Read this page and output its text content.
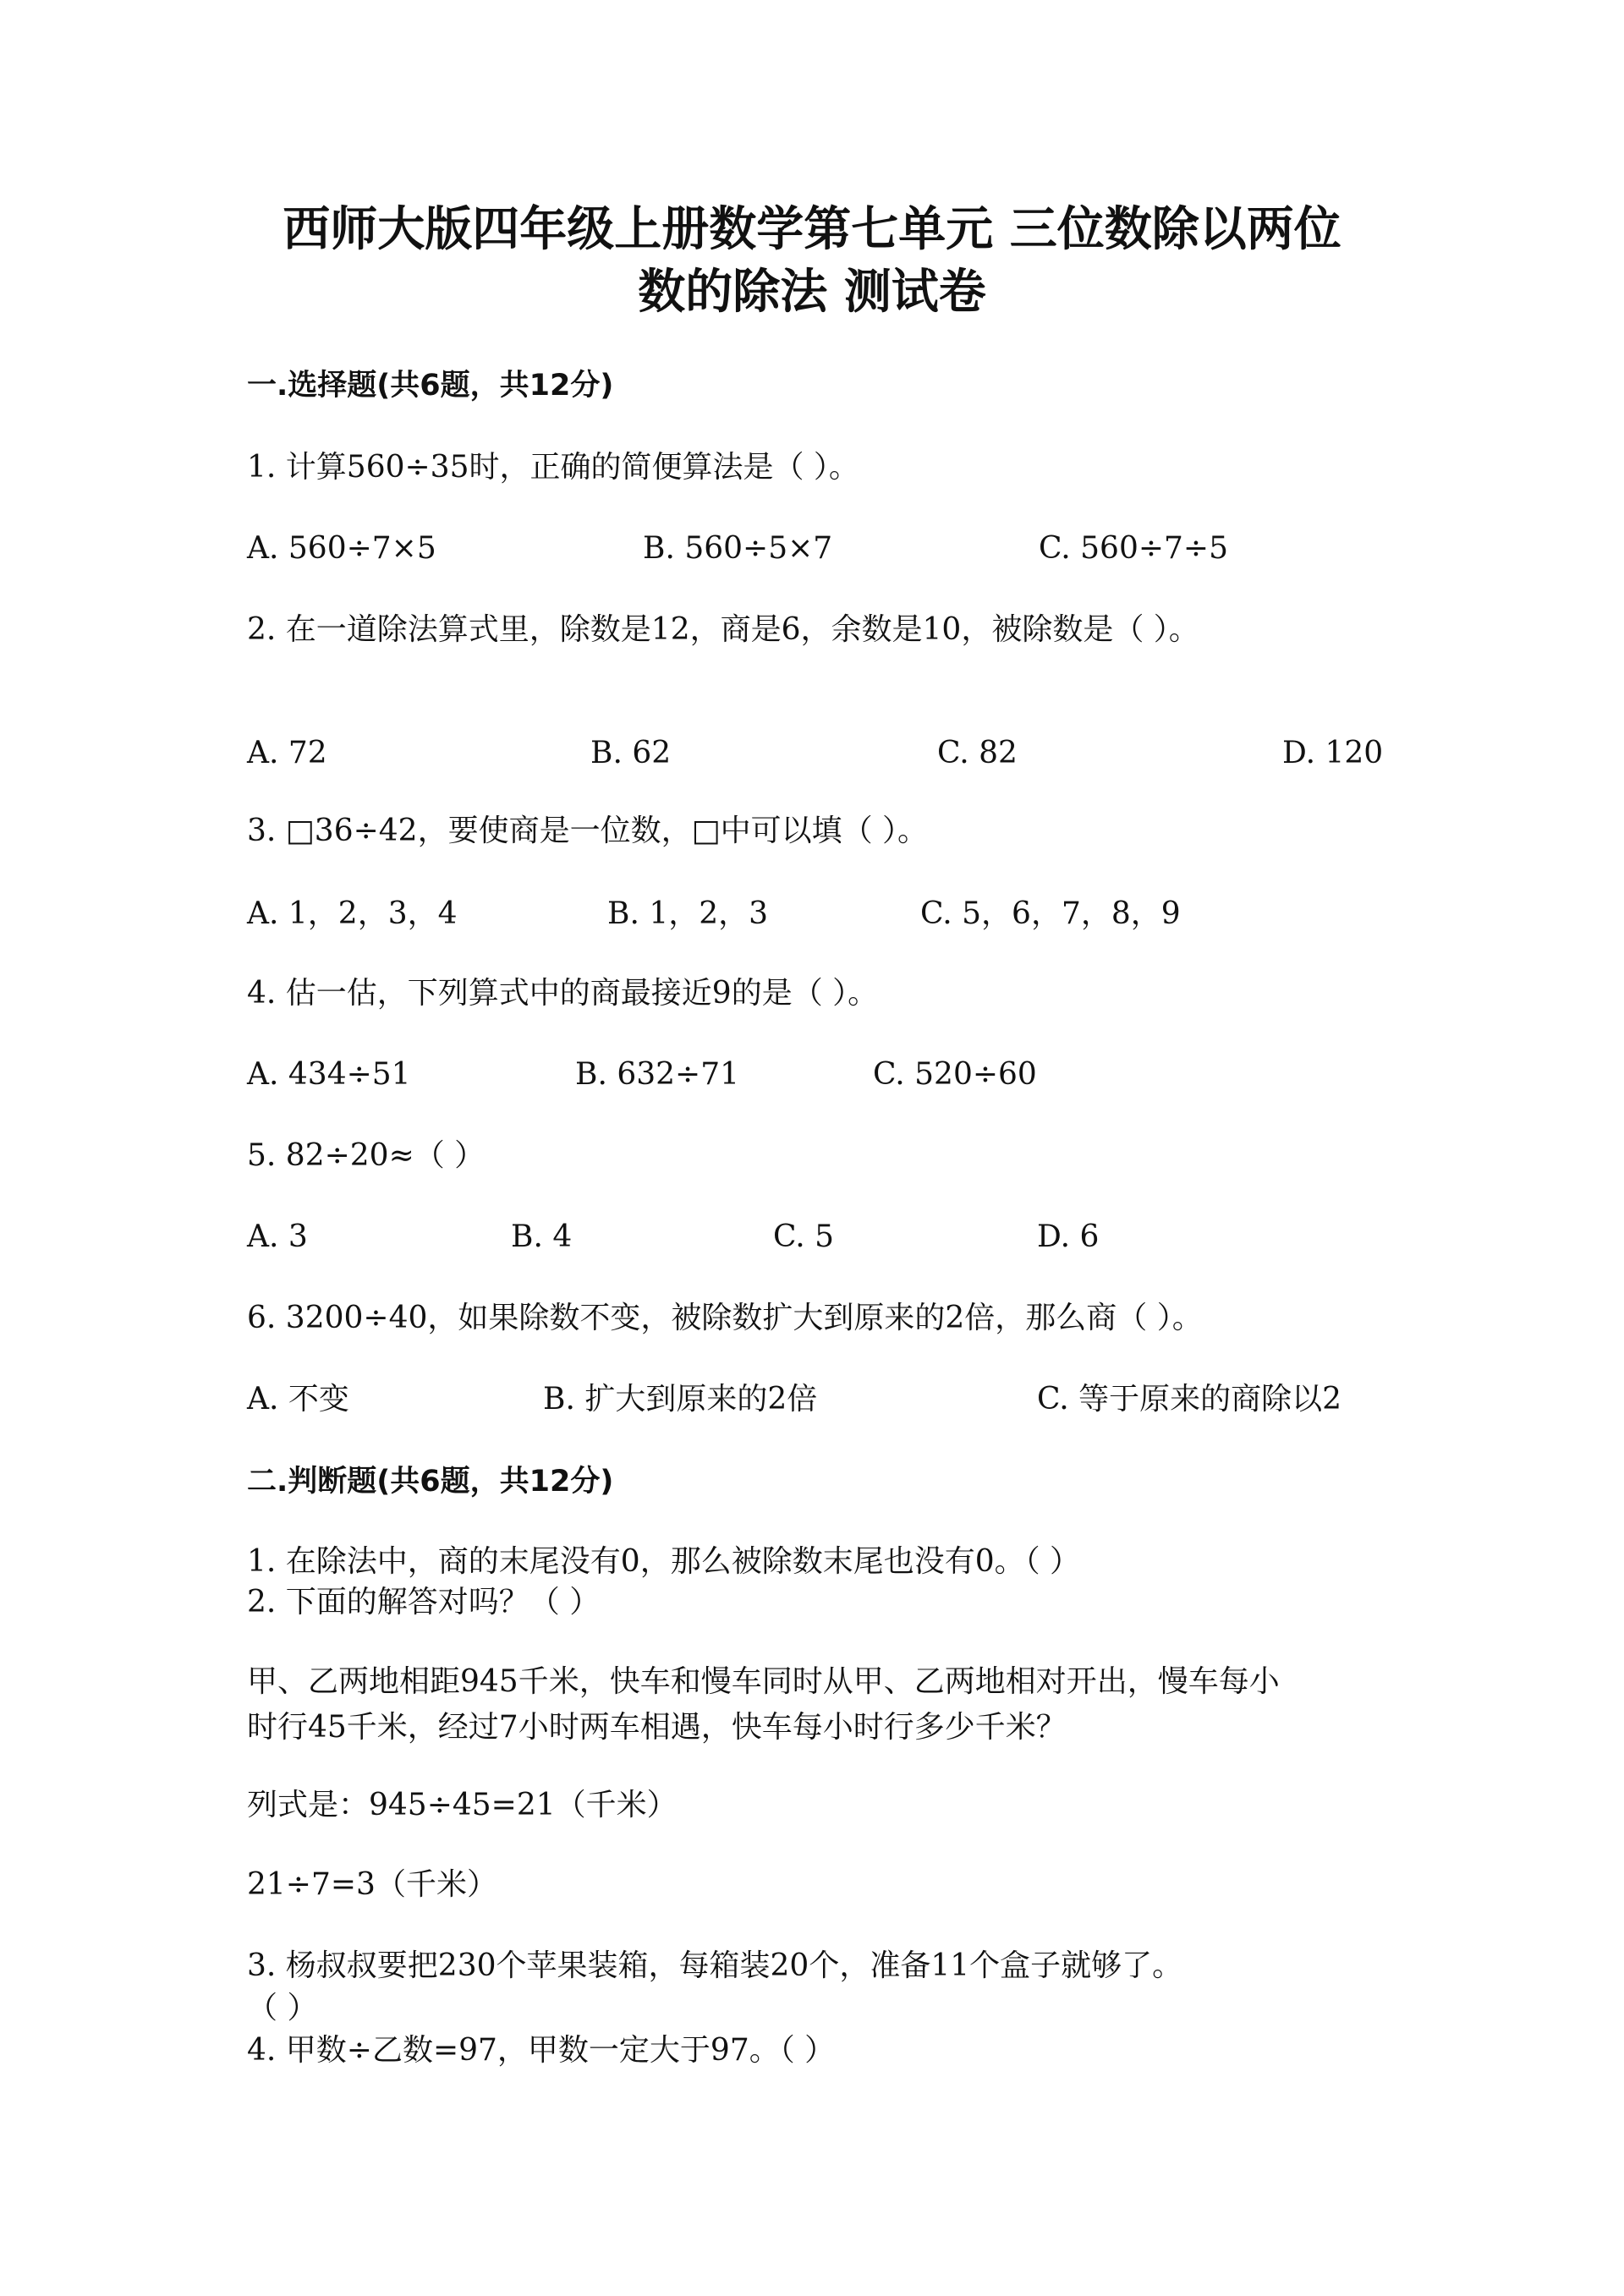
西师大版四年级上册数学第七单元 三位数除以两位
数的除法 测试卷
一.选择题(共6题，共12分)
1. 计算560÷35时，正确的简便算法是（ ）。
A. 560÷7×5	B. 560÷5×7	C. 560÷7÷5
2. 在一道除法算式里，除数是12，商是6，余数是10，被除数是（ ）。
A. 72	B. 62	C. 82	D. 120
3. □36÷42，要使商是一位数，□中可以填（ ）。
A. 1，2，3，4	B. 1，2，3	C. 5，6，7，8，9
4. 估一估，下列算式中的商最接近9的是（ ）。
A. 434÷51	B. 632÷71	C. 520÷60
5. 82÷20≈（ ）
A. 3	B. 4	C. 5	D. 6
6. 3200÷40，如果除数不变，被除数扩大到原来的2倍，那么商（ ）。
A. 不变	B. 扩大到原来的2倍	C. 等于原来的商除以2
二.判断题(共6题，共12分)
1. 在除法中，商的末尾没有0，那么被除数末尾也没有0。（ ）
2. 下面的解答对吗？（ ）
甲、乙两地相距945千米，快车和慢车同时从甲、乙两地相对开出，慢车每小
时行45千米，经过7小时两车相遇，快车每小时行多少千米？
列式是：945÷45=21（千米）
21÷7=3（千米）
3. 杨叔叔要把230个苹果装箱，每箱装20个，准备11个盒子就够了。
（ ）
4. 甲数÷乙数=97，甲数一定大于97。（ ）
